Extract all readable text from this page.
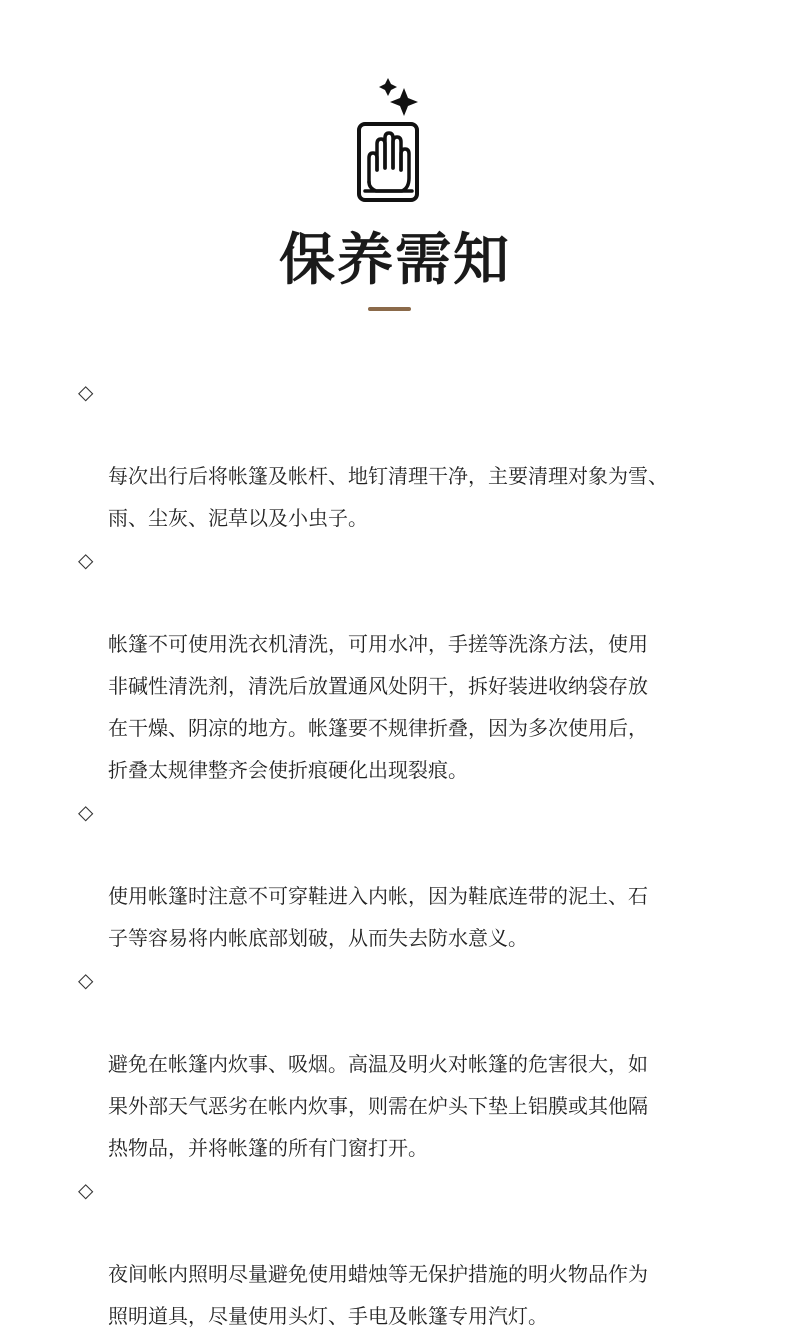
保养需知

◇

每次出行后将帐篷及帐杆、地钉清理干净，主要清理对象为雪、
雨、尘灰、泥草以及小虫子。

◇

帐篷不可使用洗衣机清洗，可用水冲，手搓等洗涤方法，使用
非碱性清洗剂，清洗后放置通风处阴干，拆好装进收纳袋存放
在干燥、阴凉的地方。帐篷要不规律折叠，因为多次使用后，
折叠太规律整齐会使折痕硬化出现裂痕。

◇

使用帐篷时注意不可穿鞋进入内帐，因为鞋底连带的泥土、石
子等容易将内帐底部划破，从而失去防水意义。

◇

避免在帐篷内炊事、吸烟。高温及明火对帐篷的危害很大，如
果外部天气恶劣在帐内炊事，则需在炉头下垫上铝膜或其他隔
热物品，并将帐篷的所有门窗打开。

◇

夜间帐内照明尽量避免使用蜡烛等无保护措施的明火物品作为
照明道具，尽量使用头灯、手电及帐篷专用汽灯。
